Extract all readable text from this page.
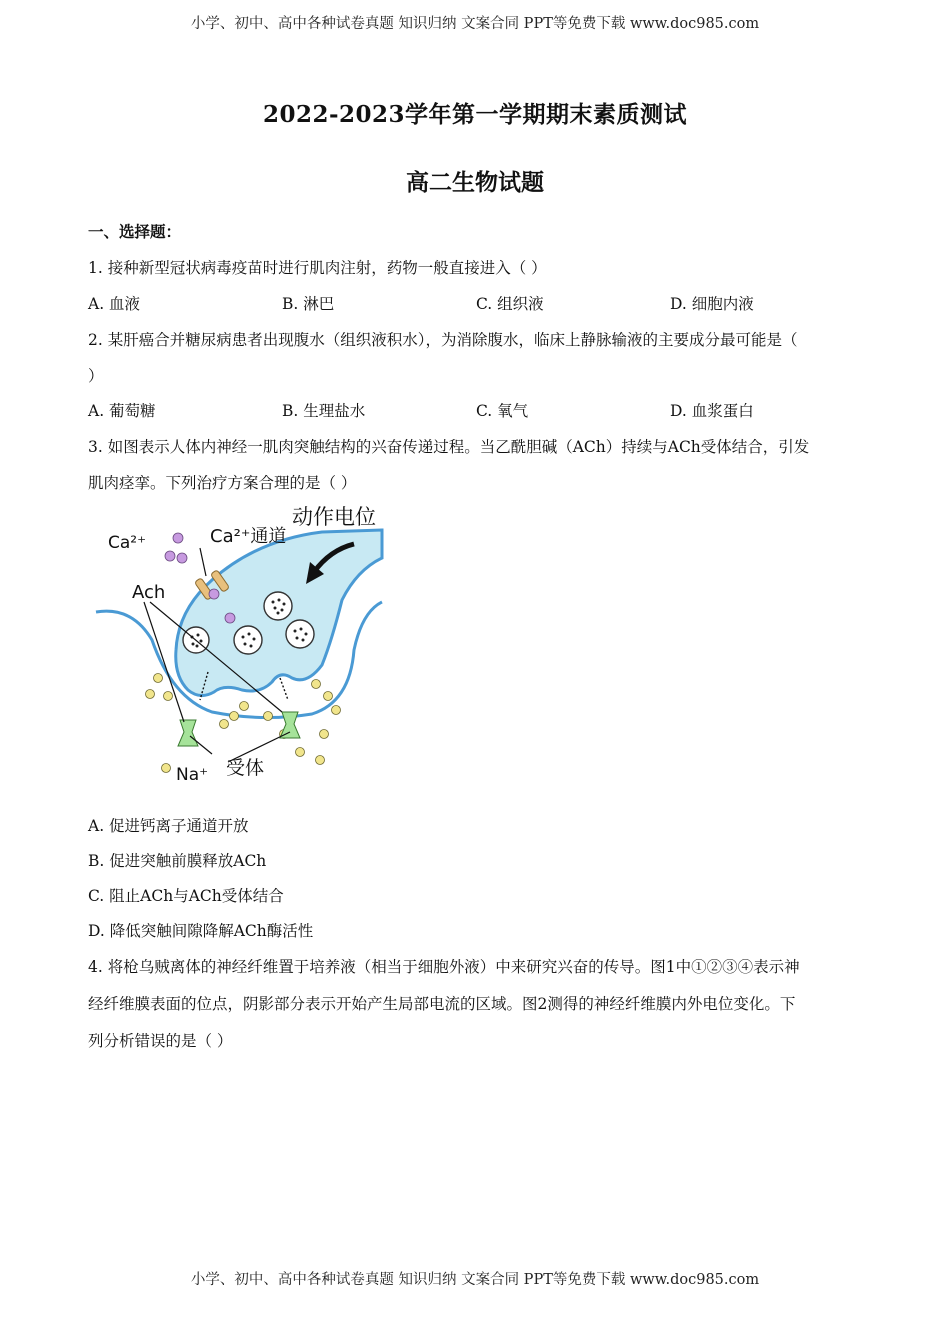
小学、初中、高中各种试卷真题 知识归纳 文案合同 PPT等免费下载 www.doc985.com
2022-2023学年第一学期期末素质测试
高二生物试题
一、选择题：
1. 接种新型冠状病毒疫苗时进行肌肉注射，药物一般直接进入（ ）
A. 血液	B. 淋巴	C. 组织液	D. 细胞内液
2. 某肝癌合并糖尿病患者出现腹水（组织液积水），为消除腹水，临床上静脉输液的主要成分最可能是（
）
A. 葡萄糖	B. 生理盐水	C. 氧气	D. 血浆蛋白
3. 如图表示人体内神经一肌肉突触结构的兴奋传递过程。当乙酰胆碱（ACh）持续与ACh受体结合，引发
肌肉痉挛。下列治疗方案合理的是（ ）
Ca²⁺	Ca²⁺通道
动作电位
Ach
Na⁺ 受体
A. 促进钙离子通道开放
B. 促进突触前膜释放ACh
C. 阻止ACh与ACh受体结合
D. 降低突触间隙降解ACh酶活性
4. 将枪乌贼离体的神经纤维置于培养液（相当于细胞外液）中来研究兴奋的传导。图1中①②③④表示神
经纤维膜表面的位点，阴影部分表示开始产生局部电流的区域。图2测得的神经纤维膜内外电位变化。下
列分析错误的是（ ）
小学、初中、高中各种试卷真题 知识归纳 文案合同 PPT等免费下载 www.doc985.com
